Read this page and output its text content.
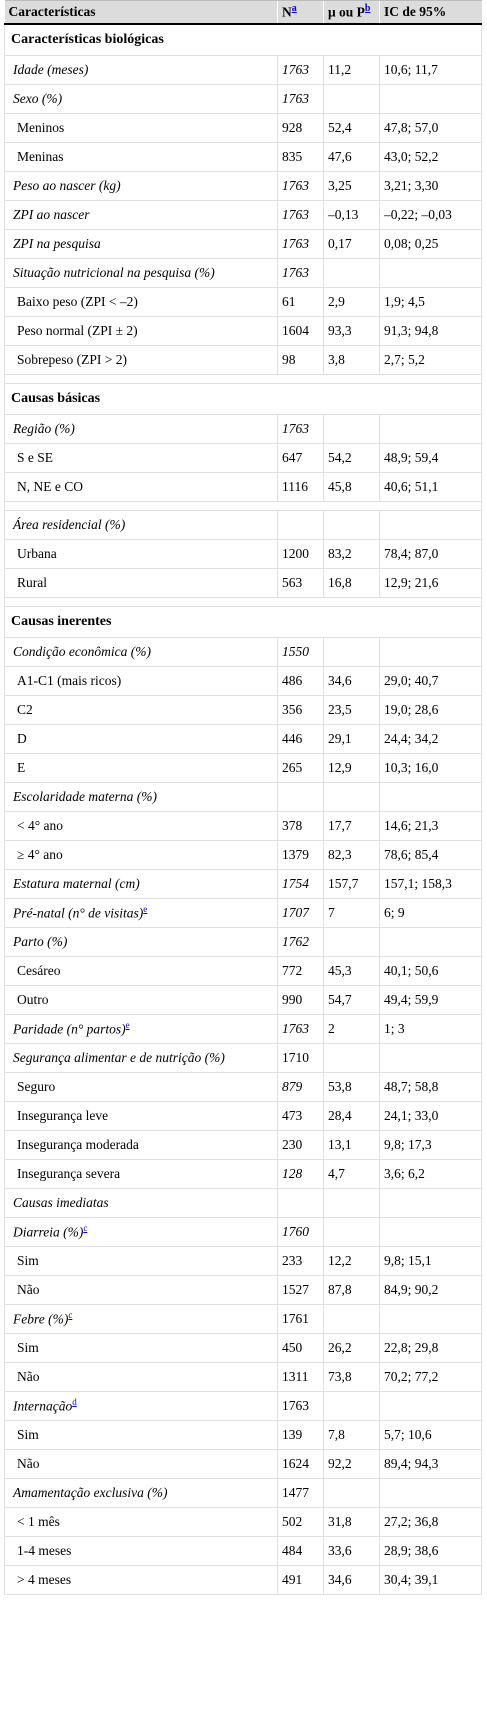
Características	$N^a$	μ ou $P^b$	IC de 95%
Características biológicas			
Idade (meses)	1763	11,2	10,6; 11,7
Sexo (%)	1763		
Meninos	928	52,4	47,8; 57,0
Meninas	835	47,6	43,0; 52,2
Peso ao nascer (kg)	1763	3,25	3,21; 3,30
ZPI ao nascer	1763	–0,13	–0,22; –0,03
ZPI na pesquisa	1763	0,17	0,08; 0,25
Situação nutricional na pesquisa (%)	1763		
Baixo peso (ZPI < –2)	61	2,9	1,9; 4,5
Peso normal (ZPI ± 2)	1604	93,3	91,3; 94,8
Sobrepeso (ZPI > 2)	98	3,8	2,7; 5,2

Causas básicas			
Região (%)	1763		
S e SE	647	54,2	48,9; 59,4
N, NE e CO	1116	45,8	40,6; 51,1

Área residencial (%)			
Urbana	1200	83,2	78,4; 87,0
Rural	563	16,8	12,9; 21,6

Causas inerentes			
Condição econômica (%)	1550		
A1-C1 (mais ricos)	486	34,6	29,0; 40,7
C2	356	23,5	19,0; 28,6
D	446	29,1	24,4; 34,2
E	265	12,9	10,3; 16,0
Escolaridade materna (%)			
< 4° ano	378	17,7	14,6; 21,3
≥ 4° ano	1379	82,3	78,6; 85,4
Estatura maternal (cm)	1754	157,7	157,1; 158,3
Pré-natal (n° de visitas)$^e$	1707	7	6; 9
Parto (%)	1762		
Cesáreo	772	45,3	40,1; 50,6
Outro	990	54,7	49,4; 59,9
Paridade (n° partos)$^e$	1763	2	1; 3
Segurança alimentar e de nutrição (%)	1710		
Seguro	879	53,8	48,7; 58,8
Insegurança leve	473	28,4	24,1; 33,0
Insegurança moderada	230	13,1	9,8; 17,3
Insegurança severa	128	4,7	3,6; 6,2
Causas imediatas			
Diarreia (%)$^c$	1760		
Sim	233	12,2	9,8; 15,1
Não	1527	87,8	84,9; 90,2
Febre (%)$^c$	1761		
Sim	450	26,2	22,8; 29,8
Não	1311	73,8	70,2; 77,2
Internação$^d$	1763		
Sim	139	7,8	5,7; 10,6
Não	1624	92,2	89,4; 94,3
Amamentação exclusiva (%)	1477		
< 1 mês	502	31,8	27,2; 36,8
1-4 meses	484	33,6	28,9; 38,6
> 4 meses	491	34,6	30,4; 39,1
